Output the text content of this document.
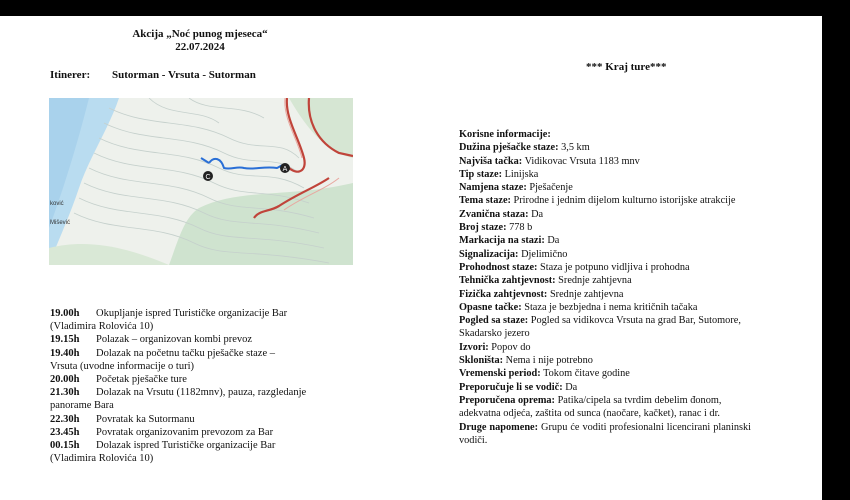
Akcija „Noć punog mjeseca“
22.07.2024
Itinerer: Sutorman - Vrsuta - Sutorman
*** Kraj ture***
C
A
ković
Mišević
19.00h Okupljanje ispred Turističke organizacije Bar
(Vladimira Rolovića 10)
19.15h Polazak – organizovan kombi prevoz
19.40h Dolazak na početnu tačku pješačke staze –
Vrsuta (uvodne informacije o turi)
20.00h Početak pješačke ture
21.30h Dolazak na Vrsutu (1182mnv), pauza, razgledanje
panorame Bara
22.30h Povratak ka Sutormanu
23.45h Povratak organizovanim prevozom za Bar
00.15h Dolazak ispred Turističke organizacije Bar
(Vladimira Rolovića 10)
Korisne informacije:
Dužina pješačke staze: 3,5 km
Najviša tačka: Vidikovac Vrsuta 1183 mnv
Tip staze: Linijska
Namjena staze: Pješačenje
Tema staze: Prirodne i jednim dijelom kulturno istorijske atrakcije
Zvanična staza: Da
Broj staze: 778 b
Markacija na stazi: Da
Signalizacija: Djelimično
Prohodnost staze: Staza je potpuno vidljiva i prohodna
Tehnička zahtjevnost: Srednje zahtjevna
Fizička zahtjevnost: Srednje zahtjevna
Opasne tačke: Staza je bezbjedna i nema kritičnih tačaka
Pogled sa staze: Pogled sa vidikovca Vrsuta na grad Bar, Sutomore, Skadarsko jezero
Izvori: Popov do
Skloništa: Nema i nije potrebno
Vremenski period: Tokom čitave godine
Preporučuje li se vodič: Da
Preporučena oprema: Patika/cipela sa tvrdim debelim đonom, adekvatna odjeća, zaštita od sunca (naočare, kačket), ranac i dr.
Druge napomene: Grupu će voditi profesionalni licencirani planinski vodiči.
